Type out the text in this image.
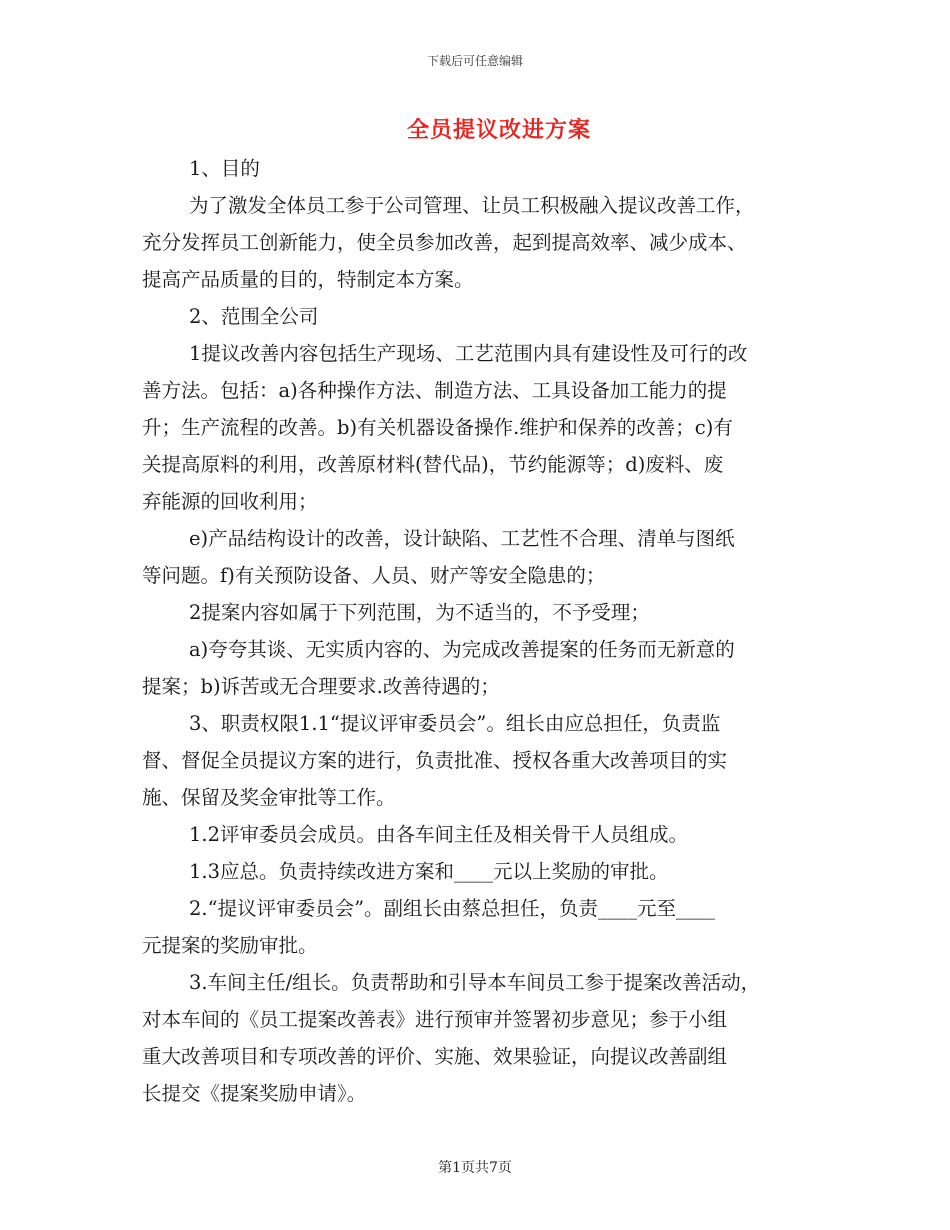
下载后可任意编辑
全员提议改进方案
1、目的
为了激发全体员工参于公司管理、让员工积极融入提议改善工作，
充分发挥员工创新能力，使全员参加改善，起到提高效率、减少成本、
提高产品质量的目的，特制定本方案。
2、范围全公司
1提议改善内容包括生产现场、工艺范围内具有建设性及可行的改
善方法。包括：a)各种操作方法、制造方法、工具设备加工能力的提
升；生产流程的改善。b)有关机器设备操作.维护和保养的改善；c)有
关提高原料的利用，改善原材料(替代品)，节约能源等；d)废料、废
弃能源的回收利用；
e)产品结构设计的改善，设计缺陷、工艺性不合理、清单与图纸
等问题。f)有关预防设备、人员、财产等安全隐患的；
2提案内容如属于下列范围，为不适当的，不予受理；
a)夸夸其谈、无实质内容的、为完成改善提案的任务而无新意的
提案；b)诉苦或无合理要求.改善待遇的；
3、职责权限1.1“提议评审委员会”。组长由应总担任，负责监
督、督促全员提议方案的进行，负责批准、授权各重大改善项目的实
施、保留及奖金审批等工作。
1.2评审委员会成员。由各车间主任及相关骨干人员组成。
1.3应总。负责持续改进方案和____元以上奖励的审批。
2.“提议评审委员会”。副组长由蔡总担任，负责____元至____
元提案的奖励审批。
3.车间主任/组长。负责帮助和引导本车间员工参于提案改善活动，
对本车间的《员工提案改善表》进行预审并签署初步意见；参于小组
重大改善项目和专项改善的评价、实施、效果验证，向提议改善副组
长提交《提案奖励申请》。
第1页共7页
